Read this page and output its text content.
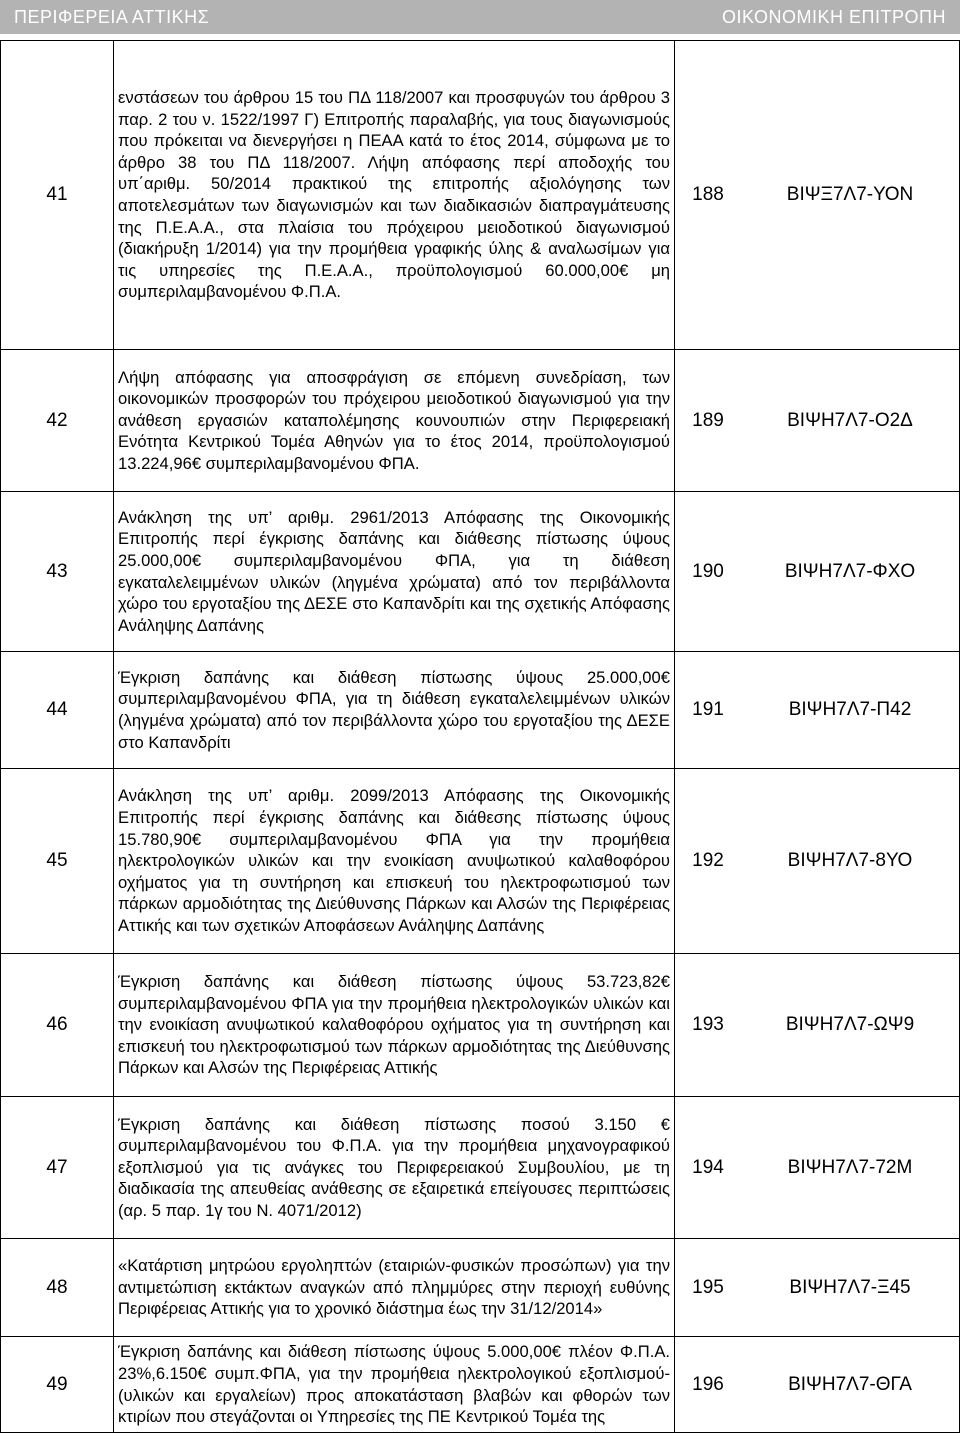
ΠΕΡΙΦΕΡΕΙΑ ΑΤΤΙΚΗΣ	ΟΙΚΟΝΟΜΙΚΗ ΕΠΙΤΡΟΠΗ
41	ενστάσεων του άρθρου 15 του ΠΔ 118/2007 και προσφυγών του άρθρου 3 παρ. 2 του ν. 1522/1997 Γ) Επιτροπής παραλαβής, για τους διαγωνισμούς που πρόκειται να διενεργήσει η ΠΕΑΑ κατά το έτος 2014, σύμφωνα με το άρθρο 38 του ΠΔ 118/2007. Λήψη απόφασης περί αποδοχής του υπ΄αριθμ. 50/2014 πρακτικού της επιτροπής αξιολόγησης των αποτελεσμάτων των διαγωνισμών και των διαδικασιών διαπραγμάτευσης της Π.Ε.Α.Α., στα πλαίσια του πρόχειρου μειοδοτικού διαγωνισμού (διακήρυξη 1/2014) για την προμήθεια γραφικής ύλης & αναλωσίμων για τις υπηρεσίες της Π.Ε.Α.Α., προϋπολογισμού 60.000,00€ μη συμπεριλαμβανομένου Φ.Π.Α.	188	ΒΙΨΞ7Λ7-ΥΟΝ
42	Λήψη απόφασης για αποσφράγιση σε επόμενη συνεδρίαση, των οικονομικών προσφορών του πρόχειρου μειοδοτικού διαγωνισμού για την ανάθεση εργασιών καταπολέμησης κουνουπιών στην Περιφερειακή Ενότητα Κεντρικού Τομέα Αθηνών για το έτος 2014, προϋπολογισμού 13.224,96€ συμπεριλαμβανομένου ΦΠΑ.	189	ΒΙΨΗ7Λ7-Ο2Δ
43	Ανάκληση της υπ’ αριθμ. 2961/2013 Απόφασης της Οικονομικής Επιτροπής περί έγκρισης δαπάνης και διάθεσης πίστωσης ύψους 25.000,00€ συμπεριλαμβανομένου ΦΠΑ, για τη διάθεση εγκαταλελειμμένων υλικών (ληγμένα χρώματα) από τον περιβάλλοντα χώρο του εργοταξίου της ΔΕΣΕ στο Καπανδρίτι και της σχετικής Απόφασης Ανάληψης Δαπάνης	190	ΒΙΨΗ7Λ7-ΦΧΟ
44	Έγκριση δαπάνης και διάθεση πίστωσης ύψους 25.000,00€ συμπεριλαμβανομένου ΦΠΑ, για τη διάθεση εγκαταλελειμμένων υλικών (ληγμένα χρώματα) από τον περιβάλλοντα χώρο του εργοταξίου της ΔΕΣΕ στο Καπανδρίτι	191	ΒΙΨΗ7Λ7-Π42
45	Ανάκληση της υπ’ αριθμ. 2099/2013 Απόφασης της Οικονομικής Επιτροπής περί έγκρισης δαπάνης και διάθεσης πίστωσης ύψους 15.780,90€ συμπεριλαμβανομένου ΦΠΑ για την προμήθεια ηλεκτρολογικών υλικών και την ενοικίαση ανυψωτικού καλαθοφόρου οχήματος για τη συντήρηση και επισκευή του ηλεκτροφωτισμού των πάρκων αρμοδιότητας της Διεύθυνσης Πάρκων και Αλσών της Περιφέρειας Αττικής και των σχετικών Αποφάσεων Ανάληψης Δαπάνης	192	ΒΙΨΗ7Λ7-8ΥΟ
46	Έγκριση δαπάνης και διάθεση πίστωσης ύψους 53.723,82€ συμπεριλαμβανομένου ΦΠΑ για την προμήθεια ηλεκτρολογικών υλικών και την ενοικίαση ανυψωτικού καλαθοφόρου οχήματος για τη συντήρηση και επισκευή του ηλεκτροφωτισμού των πάρκων αρμοδιότητας της Διεύθυνσης Πάρκων και Αλσών της Περιφέρειας Αττικής	193	ΒΙΨΗ7Λ7-ΩΨ9
47	Έγκριση δαπάνης και διάθεση πίστωσης ποσού 3.150 € συμπεριλαμβανομένου του Φ.Π.Α. για την προμήθεια μηχανογραφικού εξοπλισμού για τις ανάγκες του Περιφερειακού Συμβουλίου, με τη διαδικασία της απευθείας ανάθεσης σε εξαιρετικά επείγουσες περιπτώσεις (αρ. 5 παρ. 1γ του Ν. 4071/2012)	194	ΒΙΨΗ7Λ7-72Μ
48	«Κατάρτιση μητρώου εργοληπτών (εταιριών-φυσικών προσώπων) για την αντιμετώπιση εκτάκτων αναγκών από πλημμύρες στην περιοχή ευθύνης Περιφέρειας Αττικής για το χρονικό διάστημα έως την 31/12/2014»	195	ΒΙΨΗ7Λ7-Ξ45
49	Έγκριση δαπάνης και διάθεση πίστωσης ύψους 5.000,00€ πλέον Φ.Π.Α. 23%,6.150€ συμπ.ΦΠΑ, για την προμήθεια ηλεκτρολογικού εξοπλισμού- (υλικών και εργαλείων) προς αποκατάσταση βλαβών και φθορών των κτιρίων που στεγάζονται οι Υπηρεσίες της ΠΕ Κεντρικού Τομέα της	196	ΒΙΨΗ7Λ7-ΘΓΑ
